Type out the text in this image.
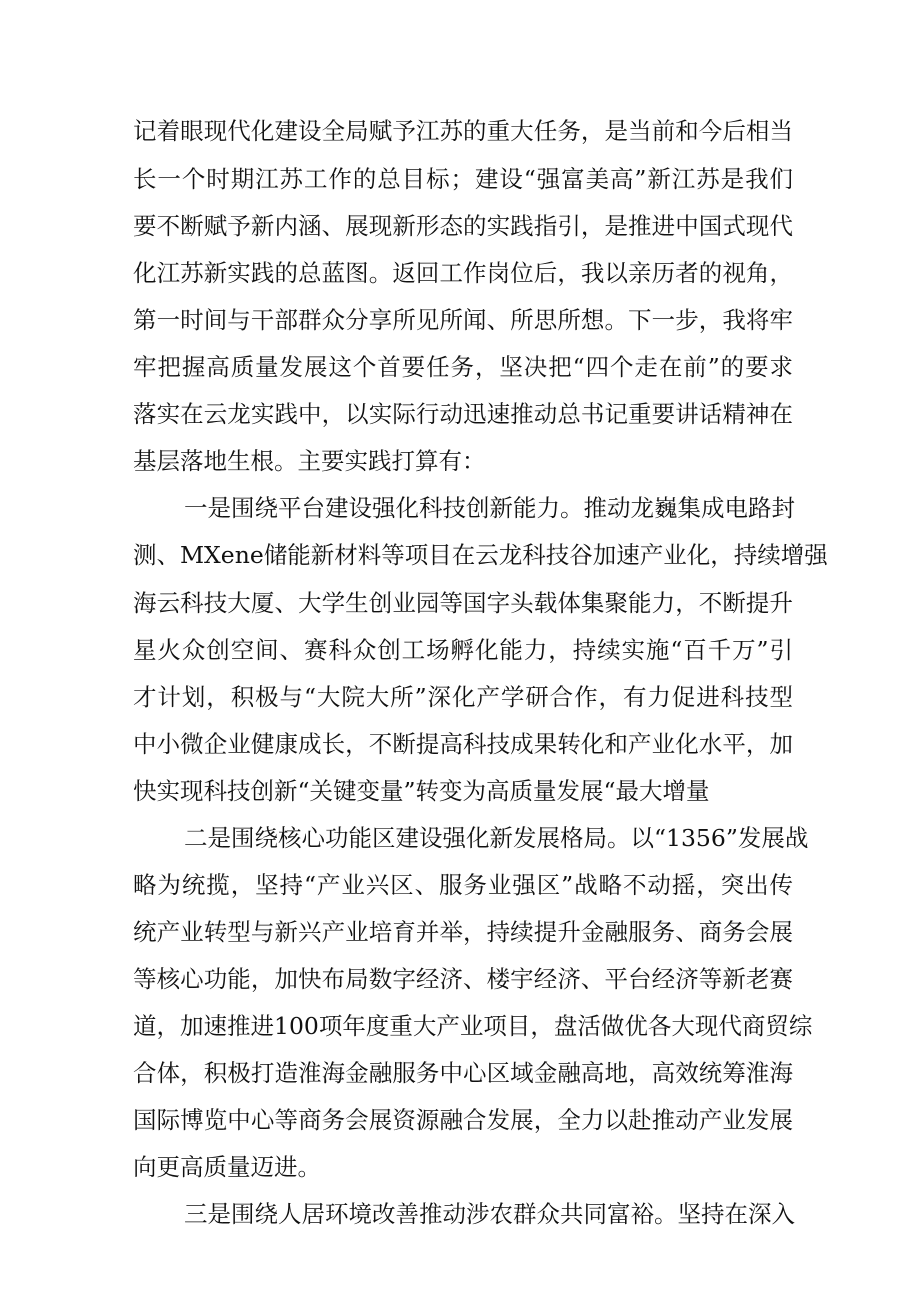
记着眼现代化建设全局赋予江苏的重大任务，是当前和今后相当
长一个时期江苏工作的总目标；建设“强富美高”新江苏是我们
要不断赋予新内涵、展现新形态的实践指引，是推进中国式现代
化江苏新实践的总蓝图。返回工作岗位后，我以亲历者的视角，
第一时间与干部群众分享所见所闻、所思所想。下一步，我将牢
牢把握高质量发展这个首要任务，坚决把“四个走在前”的要求
落实在云龙实践中，以实际行动迅速推动总书记重要讲话精神在
基层落地生根。主要实践打算有：
一是围绕平台建设强化科技创新能力。推动龙巍集成电路封
测、MXene储能新材料等项目在云龙科技谷加速产业化，持续增强
海云科技大厦、大学生创业园等国字头载体集聚能力，不断提升
星火众创空间、赛科众创工场孵化能力，持续实施“百千万”引
才计划，积极与“大院大所”深化产学研合作，有力促进科技型
中小微企业健康成长，不断提高科技成果转化和产业化水平，加
快实现科技创新“关键变量”转变为高质量发展“最大增量
二是围绕核心功能区建设强化新发展格局。以“1356”发展战
略为统揽，坚持“产业兴区、服务业强区”战略不动摇，突出传
统产业转型与新兴产业培育并举，持续提升金融服务、商务会展
等核心功能，加快布局数字经济、楼宇经济、平台经济等新老赛
道，加速推进100项年度重大产业项目，盘活做优各大现代商贸综
合体，积极打造淮海金融服务中心区域金融高地，高效统筹淮海
国际博览中心等商务会展资源融合发展，全力以赴推动产业发展
向更高质量迈进。
三是围绕人居环境改善推动涉农群众共同富裕。坚持在深入
